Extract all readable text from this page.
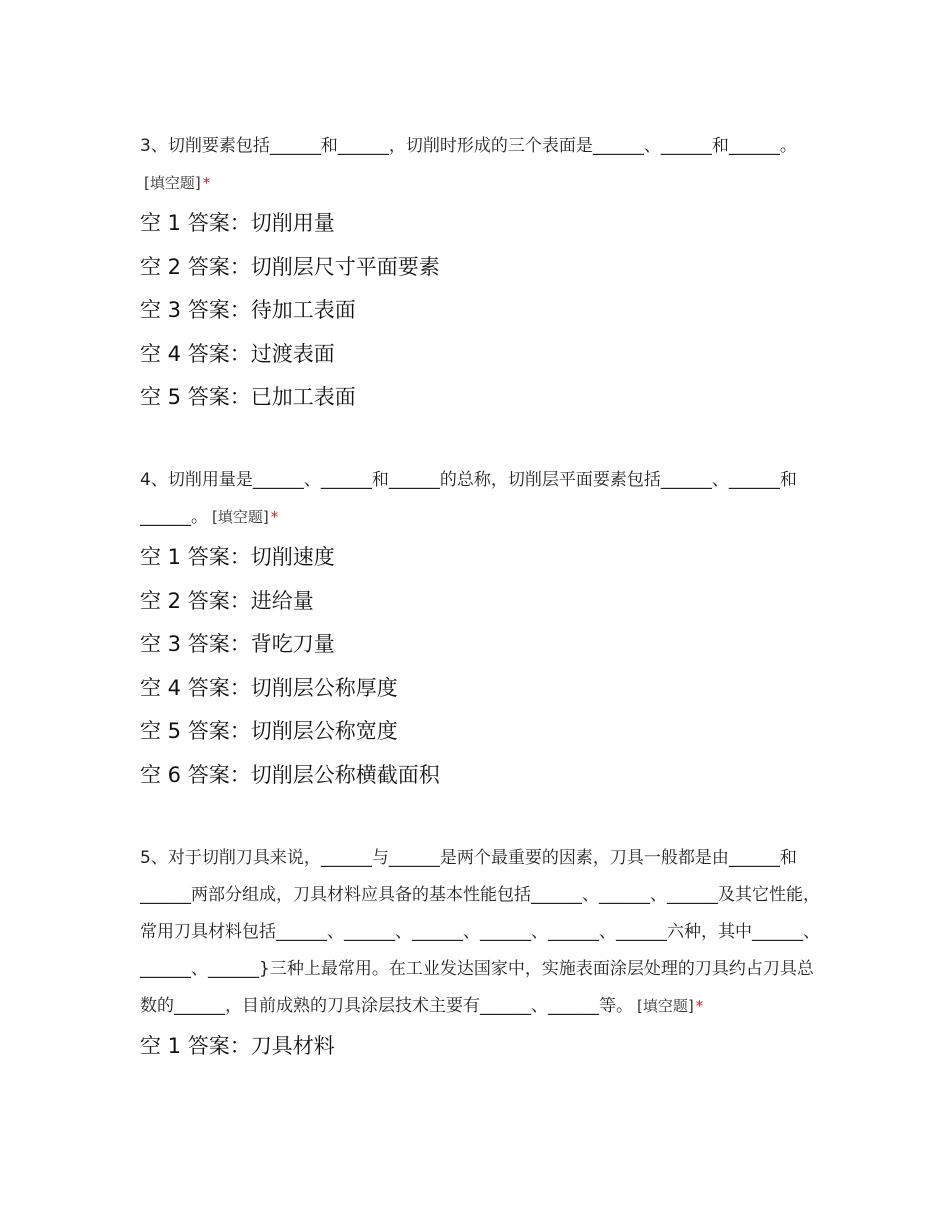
3、切削要素包括______和______，切削时形成的三个表面是______、______和______。[填空题] *

空 1 答案：切削用量
空 2 答案：切削层尺寸平面要素
空 3 答案：待加工表面
空 4 答案：过渡表面
空 5 答案：已加工表面

4、切削用量是______、______和______的总称，切削层平面要素包括______、______和______。 [填空题] *

空 1 答案：切削速度
空 2 答案：进给量
空 3 答案：背吃刀量
空 4 答案：切削层公称厚度
空 5 答案：切削层公称宽度
空 6 答案：切削层公称横截面积

5、对于切削刀具来说，______与______是两个最重要的因素，刀具一般都是由______和______两部分组成，刀具材料应具备的基本性能包括______、______、______及其它性能，常用刀具材料包括______、______、______、______、______、______六种，其中______、______、______}三种上最常用。在工业发达国家中，实施表面涂层处理的刀具约占刀具总数的______，目前成熟的刀具涂层技术主要有______、______等。 [填空题] *

空 1 答案：刀具材料
